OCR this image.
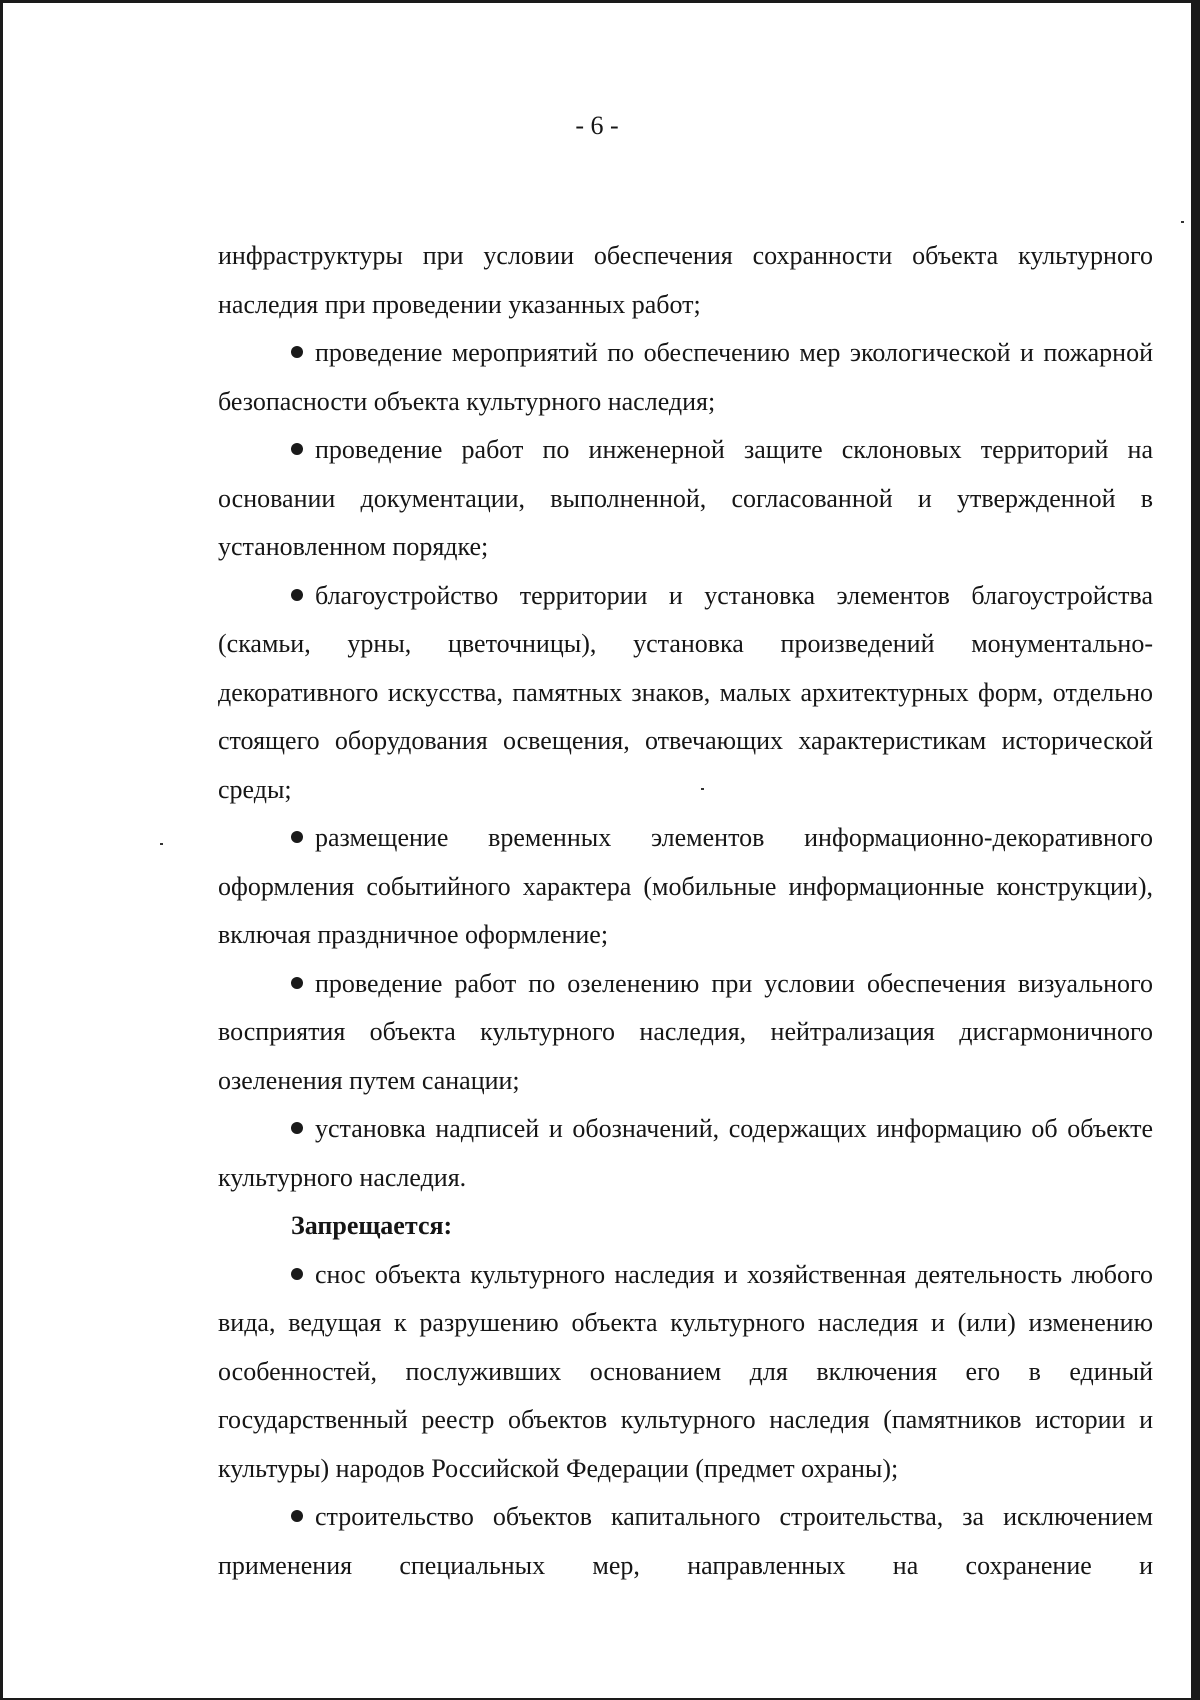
- 6 -

инфраструктуры при условии обеспечения сохранности объекта культурного наследия при проведении указанных работ;

проведение мероприятий по обеспечению мер экологической и пожарной безопасности объекта культурного наследия;

проведение работ по инженерной защите склоновых территорий на основании документации, выполненной, согласованной и утвержденной в установленном порядке;

благоустройство территории и установка элементов благоустройства (скамьи, урны, цветочницы), установка произведений монументально-декоративного искусства, памятных знаков, малых архитектурных форм, отдельно стоящего оборудования освещения, отвечающих характеристикам исторической среды;

размещение временных элементов информационно-декоративного оформления событийного характера (мобильные информационные конструкции), включая праздничное оформление;

проведение работ по озеленению при условии обеспечения визуального восприятия объекта культурного наследия, нейтрализация дисгармоничного озеленения путем санации;

установка надписей и обозначений, содержащих информацию об объекте культурного наследия.

Запрещается:

снос объекта культурного наследия и хозяйственная деятельность любого вида, ведущая к разрушению объекта культурного наследия и (или) изменению особенностей, послуживших основанием для включения его в единый государственный реестр объектов культурного наследия (памятников истории и культуры) народов Российской Федерации (предмет охраны);

строительство объектов капитального строительства, за исключением применения специальных мер, направленных на сохранение и
